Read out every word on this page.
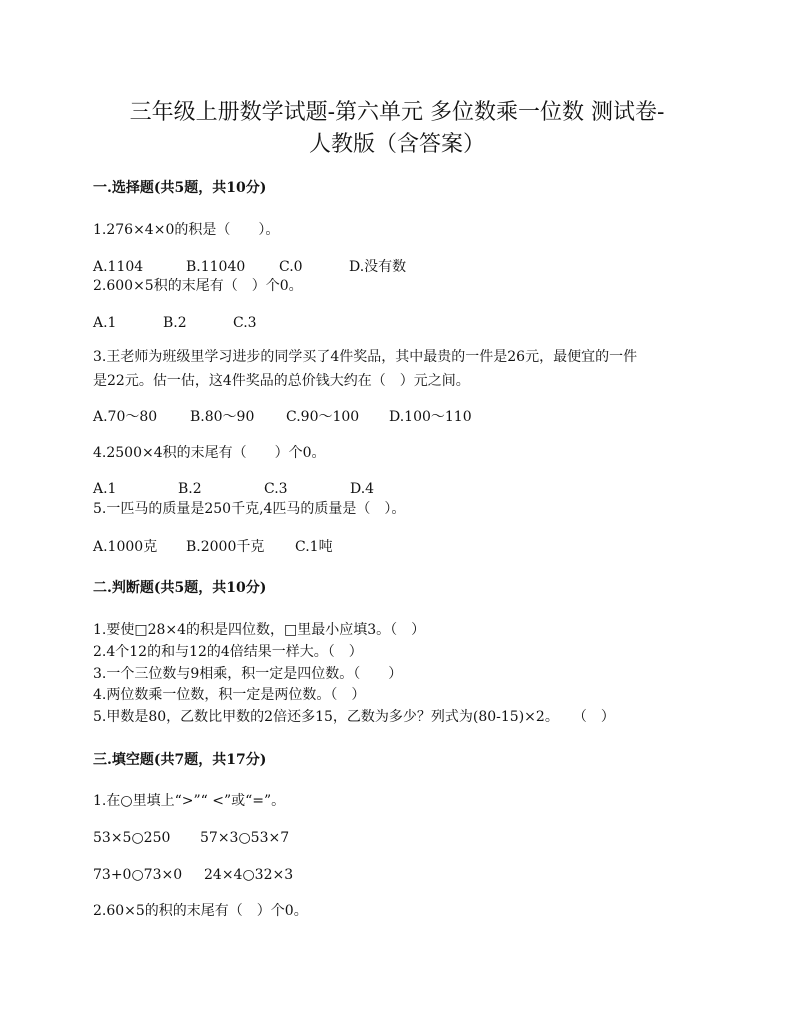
三年级上册数学试题-第六单元 多位数乘一位数 测试卷-
人教版（含答案）

一.选择题(共5题，共10分)

1.276×4×0的积是（　　）。

A.1104	B.11040 C.0	D.没有数

2.600×5积的末尾有（　）个0。

A.1	B.2	C.3

3.王老师为班级里学习进步的同学买了4件奖品，其中最贵的一件是26元，最便宜的一件

是22元。估一估，这4件奖品的总价钱大约在（　）元之间。

A.70～80 B.80～90 C.90～100 D.100～110

4.2500×4积的末尾有（　　）个0。

A.1	B.2	C.3	D.4

5.一匹马的质量是250千克,4匹马的质量是（　）。

A.1000克 B.2000千克 C.1吨

二.判断题(共5题，共10分)

1.要使□28×4的积是四位数，□里最小应填3。（　）

2.4个12的和与12的4倍结果一样大。（　）

3.一个三位数与9相乘，积一定是四位数。（　　）

4.两位数乘一位数，积一定是两位数。（　）

5.甲数是80，乙数比甲数的2倍还多15，乙数为多少？列式为(80-15)×2。　　（　）

三.填空题(共7题，共17分)

1.在○里填上“>”“ <”或“=”。

53×5○250 57×3○53×7
73+0○73×0 24×4○32×3

2.60×5的积的末尾有（　）个0。
